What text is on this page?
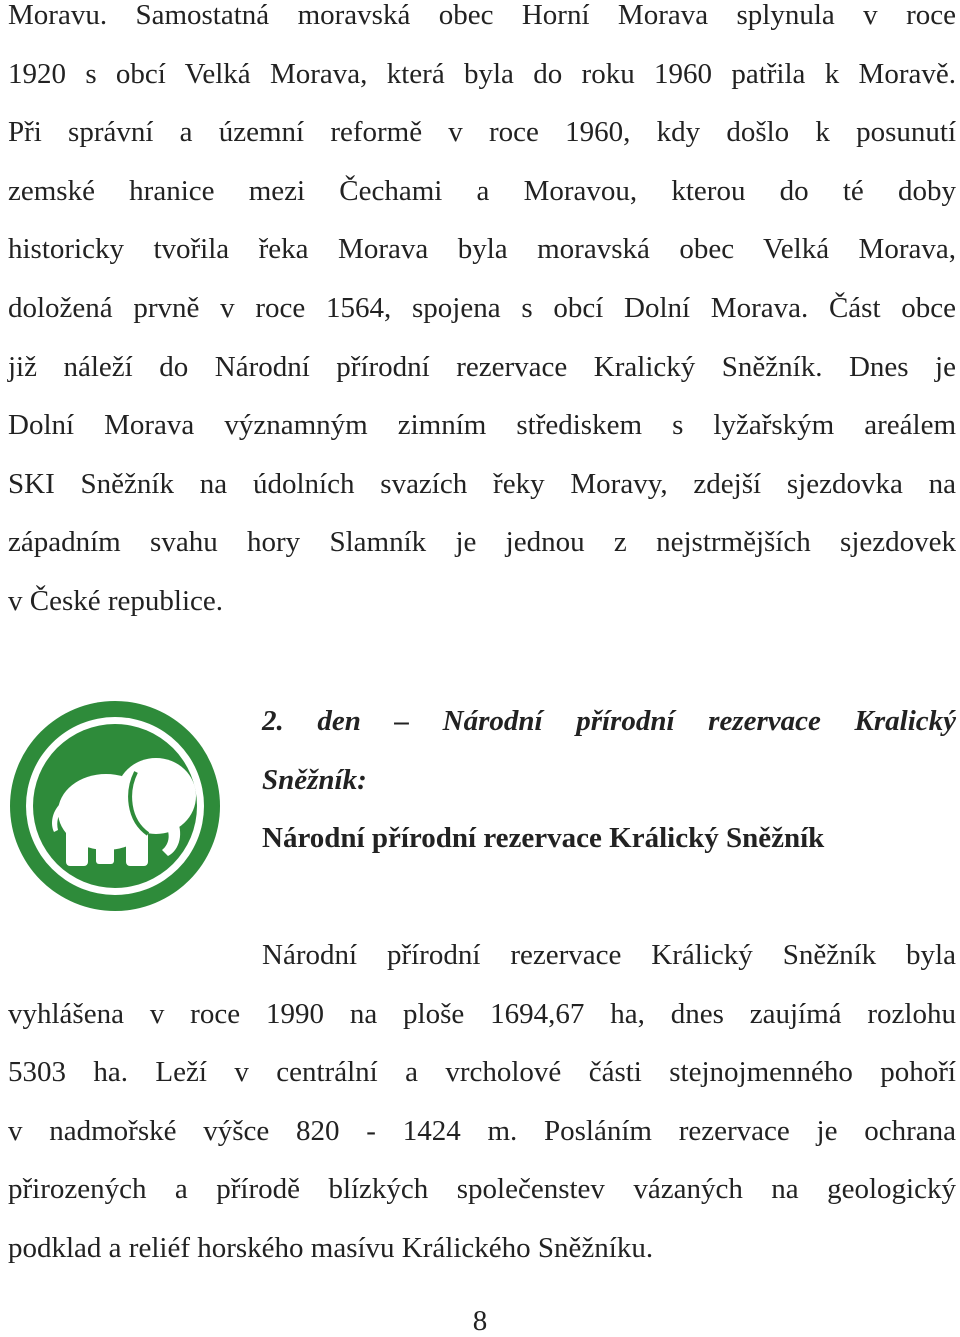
Moravu. Samostatná moravská obec Horní Morava splynula v roce
1920 s obcí Velká Morava, která byla do roku 1960 patřila k Moravě.
Při správní a územní reformě v roce 1960, kdy došlo k posunutí
zemské hranice mezi Čechami a Moravou, kterou do té doby
historicky tvořila řeka Morava byla moravská obec Velká Morava,
doložená prvně v roce 1564, spojena s obcí Dolní Morava. Část obce
již náleží do Národní přírodní rezervace Kralický Sněžník. Dnes je
Dolní Morava významným zimním střediskem s lyžařským areálem
SKI Sněžník na údolních svazích řeky Moravy, zdejší sjezdovka na
západním svahu hory Slamník je jednou z nejstrmějších sjezdovek
v České republice.
2. den – Národní přírodní rezervace Kralický
Sněžník:
Národní přírodní rezervace Králický Sněžník
Národní přírodní rezervace Králický Sněžník byla
vyhlášena v roce 1990 na ploše 1694,67 ha, dnes zaujímá rozlohu
5303 ha. Leží v centrální a vrcholové části stejnojmenného pohoří
v nadmořské výšce 820 - 1424 m. Posláním rezervace je ochrana
přirozených a přírodě blízkých společenstev vázaných na geologický
podklad a reliéf horského masívu Králického Sněžníku.
8
